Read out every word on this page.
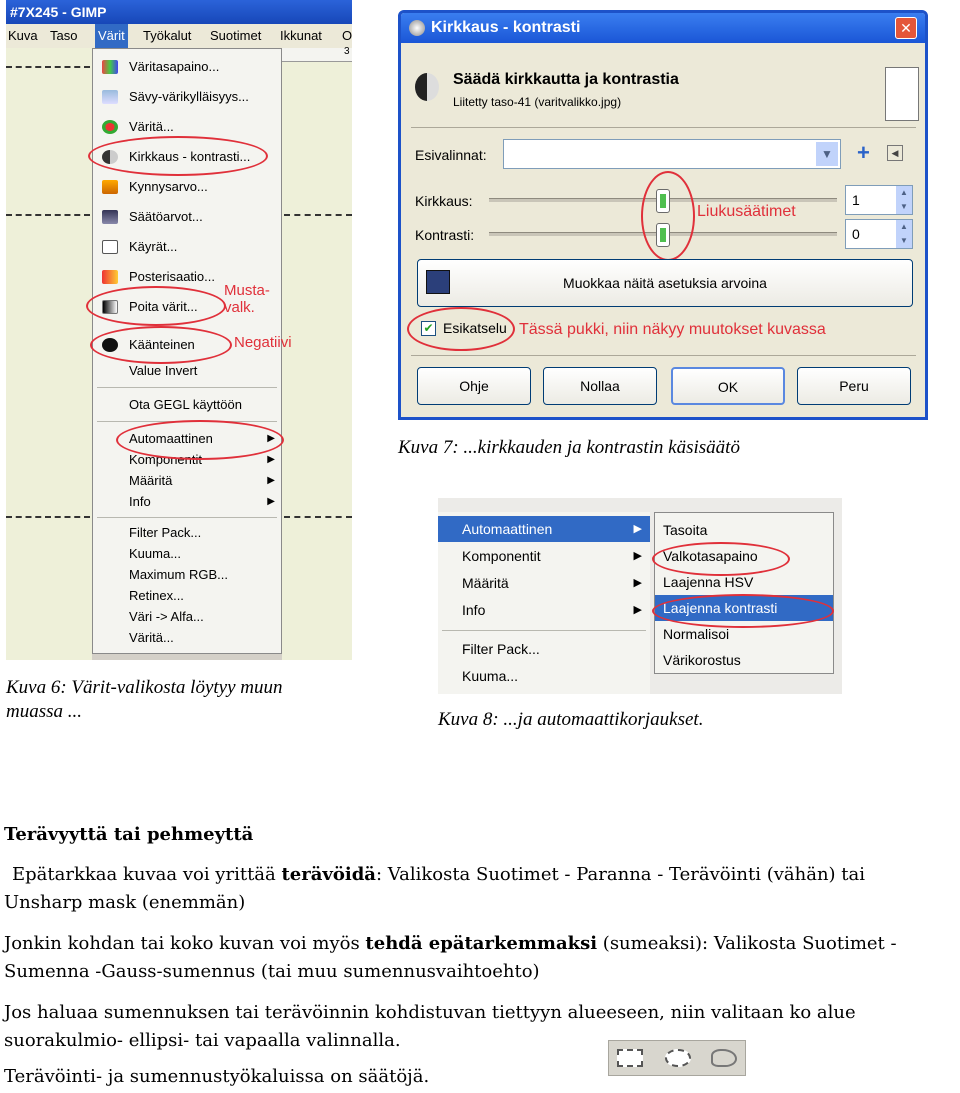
#7X245 - GIMP
Kuva Taso Värit Työkalut Suotimet Ikkunat O
3
Väritasapaino...
Sävy-värikylläisyys...
Väritä...
Kirkkaus - kontrasti...
Kynnysarvo...
Säätöarvot...
Käyrät...
Posterisaatio...
Poita värit...
Käänteinen
Value Invert
Ota GEGL käyttöön
Automaattinen	▶
Komponentit	▶
Määritä	▶
Info	▶
Filter Pack...
Kuuma...
Maximum RGB...
Retinex...
Väri -> Alfa...
Väritä...
Musta-valk.
Negatiivi
Kuva 6: Värit-valikosta löytyy muun muassa ...
Kirkkaus - kontrasti	✕
Säädä kirkkautta ja kontrastia
Liitetty taso-41 (varitvalikko.jpg)
Esivalinnat:	▼ +	◀
Kirkkaus:	1	▲
▼
Kontrasti:	0	▲
▼
Liukusäätimet
Muokkaa näitä asetuksia arvoina
✔ Esikatselu Tässä pukki, niin näkyy muutokset kuvassa
Ohje	Nollaa	OK	Peru
Kuva 7: ...kirkkauden ja kontrastin käsisäätö
Automaattinen	▶
Komponentit	▶
Määritä	▶
Info	▶
Filter Pack...
Kuuma...
Tasoita
Valkotasapaino
Laajenna HSV
Laajenna kontrasti
Normalisoi
Värikorostus
Kuva 8: ...ja automaattikorjaukset.
Terävyyttä tai pehmeyttä
Epätarkkaa kuvaa voi yrittää terävöidä: Valikosta Suotimet - Paranna - Terävöinti (vähän) tai
Unsharp mask (enemmän)
Jonkin kohdan tai koko kuvan voi myös tehdä epätarkemmaksi (sumeaksi): Valikosta Suotimet -
Sumenna -Gauss-sumennus (tai muu sumennusvaihtoehto)
Jos haluaa sumennuksen tai terävöinnin kohdistuvan tiettyyn alueeseen, niin valitaan ko alue
suorakulmio- ellipsi- tai vapaalla valinnalla.
Terävöinti- ja sumennustyökaluissa on säätöjä.
